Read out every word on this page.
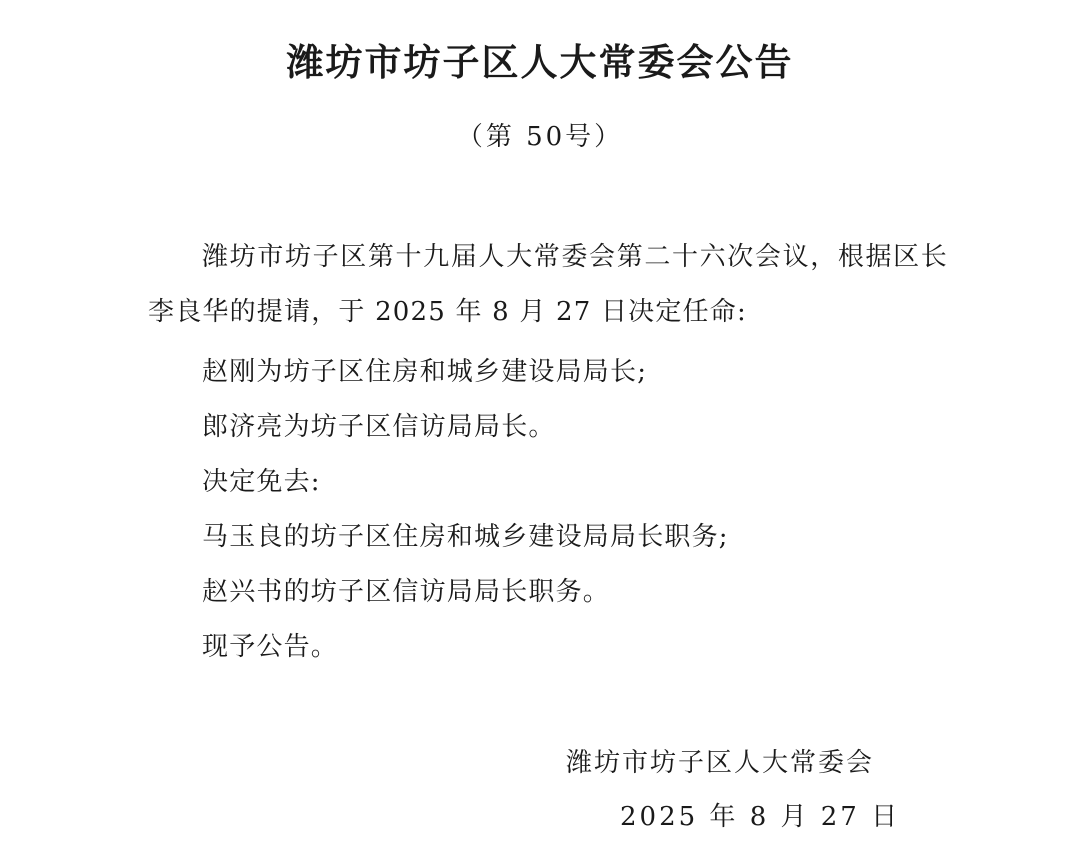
潍坊市坊子区人大常委会公告
（第 50号）

潍坊市坊子区第十九届人大常委会第二十六次会议，根据区长李良华的提请，于 2025 年 8 月 27 日决定任命:

赵刚为坊子区住房和城乡建设局局长;

郎济亮为坊子区信访局局长。

决定免去:

马玉良的坊子区住房和城乡建设局局长职务;

赵兴书的坊子区信访局局长职务。

现予公告。

潍坊市坊子区人大常委会
2025 年 8 月 27 日
